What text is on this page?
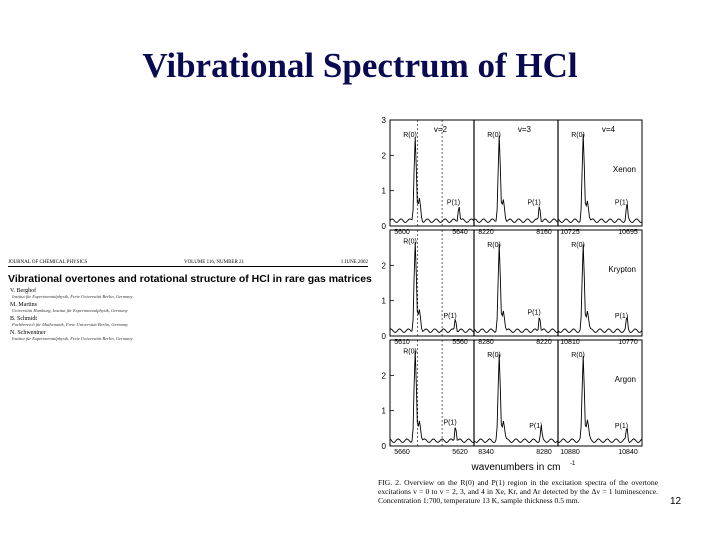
Vibrational Spectrum of HCl
JOURNAL OF CHEMICAL PHYSICS	VOLUME 116, NUMBER 21	1 JUNE 2002
Vibrational overtones and rotational structure of HCl in rare gas matrices
V. Berghof
Institut für Experimentalphysik, Freie Universität Berlin, Germany
M. Martins
Universität Hamburg, Institut für Experimentalphysik, Germany
B. Schmidt
Fachbereich für Mathematik, Freie Universität Berlin, Germany
N. Schwentner
Institut für Experimentalphysik, Freie Universität Berlin, Germany
0
1
2
3
Xenon
5600	5640 8220	8160 10725	10695
R(0)
P(1)
R(0)
P(1)
R(0)
P(1)
0
1
2	Krypton
5610	5560 8280	8220 10810	10770
R(0)
P(1)
R(0)
P(1)
R(0)
P(1)
0
1
2	Argon
5660	5620 8340	8280 10880	10840
R(0)
P(1)
R(0)
P(1)
R(0)
P(1)
v=2	v=3	v=4
wavenumbers in cm -1
FIG. 2. Overview on the R(0) and P(1) region in the excitation spectra of the overtone excitations v = 0 to v = 2, 3, and 4 in Xe, Kr, and Ar detected by the Δv = 1 luminescence. Concentration 1:700, temperature 13 K, sample thickness 0.5 mm.	12
